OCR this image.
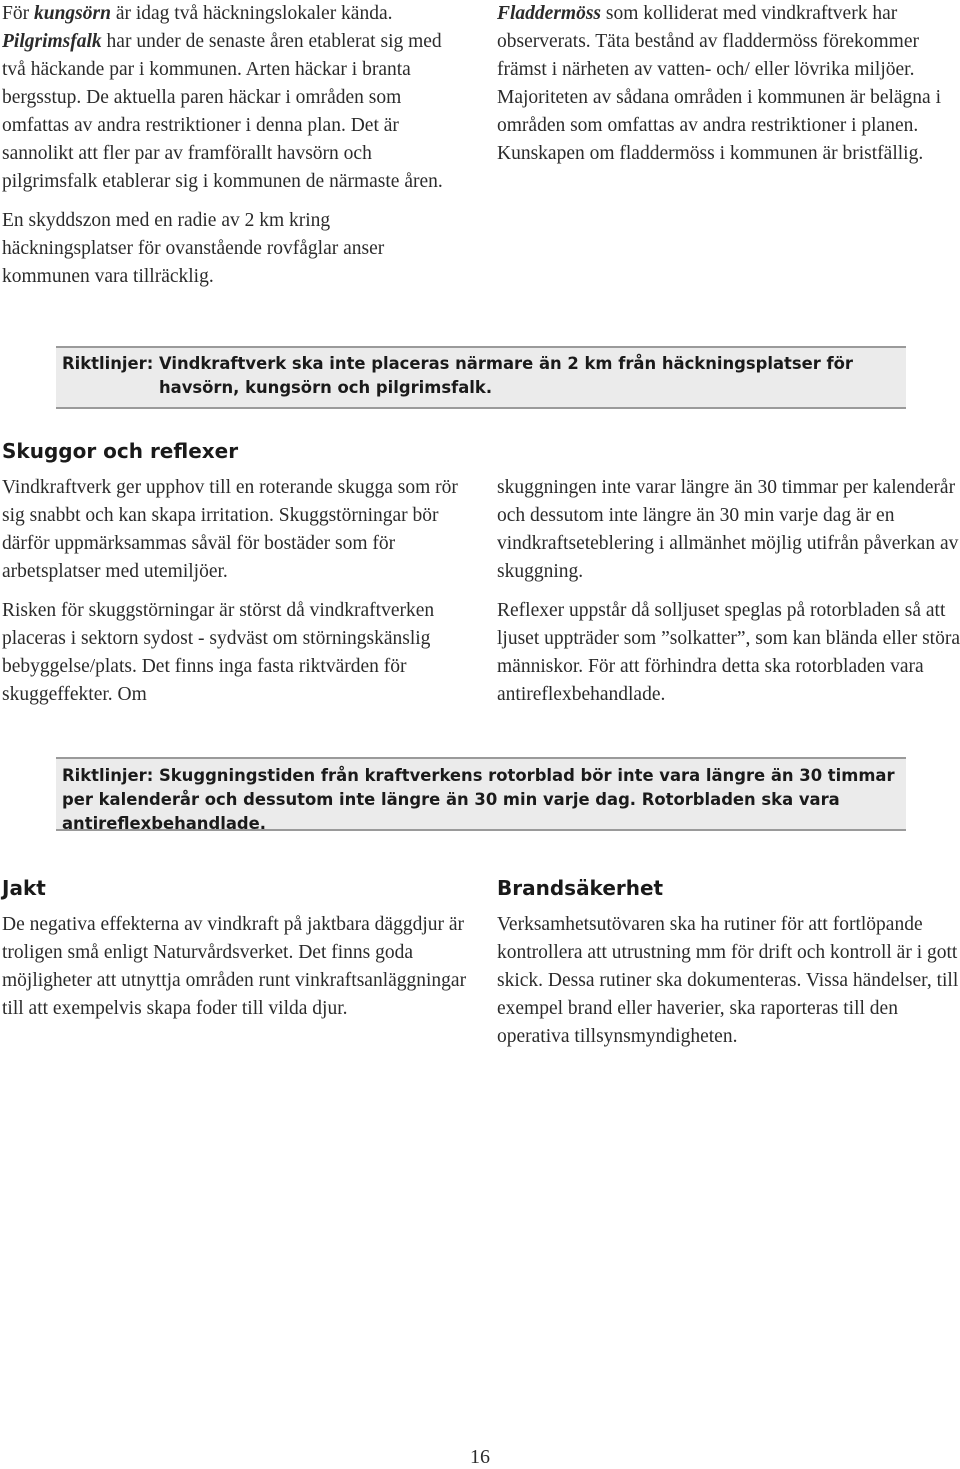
För kungsörn är idag två häckningslokaler kända. Pilgrimsfalk har under de senaste åren etablerat sig med två häckande par i kommunen. Arten häckar i branta bergsstup. De aktuella paren häckar i områden som omfattas av andra restriktioner i denna plan. Det är sannolikt att fler par av framförallt havsörn och pilgrimsfalk etablerar sig i kommunen de närmaste åren.

En skyddszon med en radie av 2 km kring häckningsplatser för ovanstående rovfåglar anser kommunen vara tillräcklig.

Fladdermöss som kolliderat med vindkraftverk har observerats. Täta bestånd av fladdermöss förekommer främst i närheten av vatten- och/ eller lövrika miljöer. Majoriteten av sådana områden i kommunen är belägna i områden som omfattas av andra restriktioner i planen. Kunskapen om fladdermöss i kommunen är bristfällig.

Riktlinjer: Vindkraftverk ska inte placeras närmare än 2 km från häckningsplatser för havsörn, kungsörn och pilgrimsfalk.
Skuggor och reflexer

Vindkraftverk ger upphov till en roterande skugga som rör sig snabbt och kan skapa irritation. Skuggstörningar bör därför uppmärksammas såväl för bostäder som för arbetsplatser med utemiljöer.

Risken för skuggstörningar är störst då vindkraftverken placeras i sektorn sydost - sydväst om störningskänslig bebyggelse/plats. Det finns inga fasta riktvärden för skuggeffekter. Om

skuggningen inte varar längre än 30 timmar per kalenderår och dessutom inte längre än 30 min varje dag är en vindkraftseteblering i allmänhet möjlig utifrån påverkan av skuggning.

Reflexer uppstår då solljuset speglas på rotorbladen så att ljuset uppträder som ”solkatter”, som kan blända eller störa människor. För att förhindra detta ska rotorbladen vara antireflexbehandlade.

Riktlinjer: Skuggningstiden från kraftverkens rotorblad bör inte vara längre än 30 timmar per kalenderår och dessutom inte längre än 30 min varje dag. Rotorbladen ska vara antireflexbehandlade.
Jakt

De negativa effekterna av vindkraft på jaktbara däggdjur är troligen små enligt Naturvårdsverket. Det finns goda möjligheter att utnyttja områden runt vinkraftsanläggningar till att exempelvis skapa foder till vilda djur.

Brandsäkerhet

Verksamhetsutövaren ska ha rutiner för att fortlöpande kontrollera att utrustning mm för drift och kontroll är i gott skick. Dessa rutiner ska dokumenteras. Vissa händelser, till exempel brand eller haverier, ska raporteras till den operativa tillsynsmyndigheten.

16
